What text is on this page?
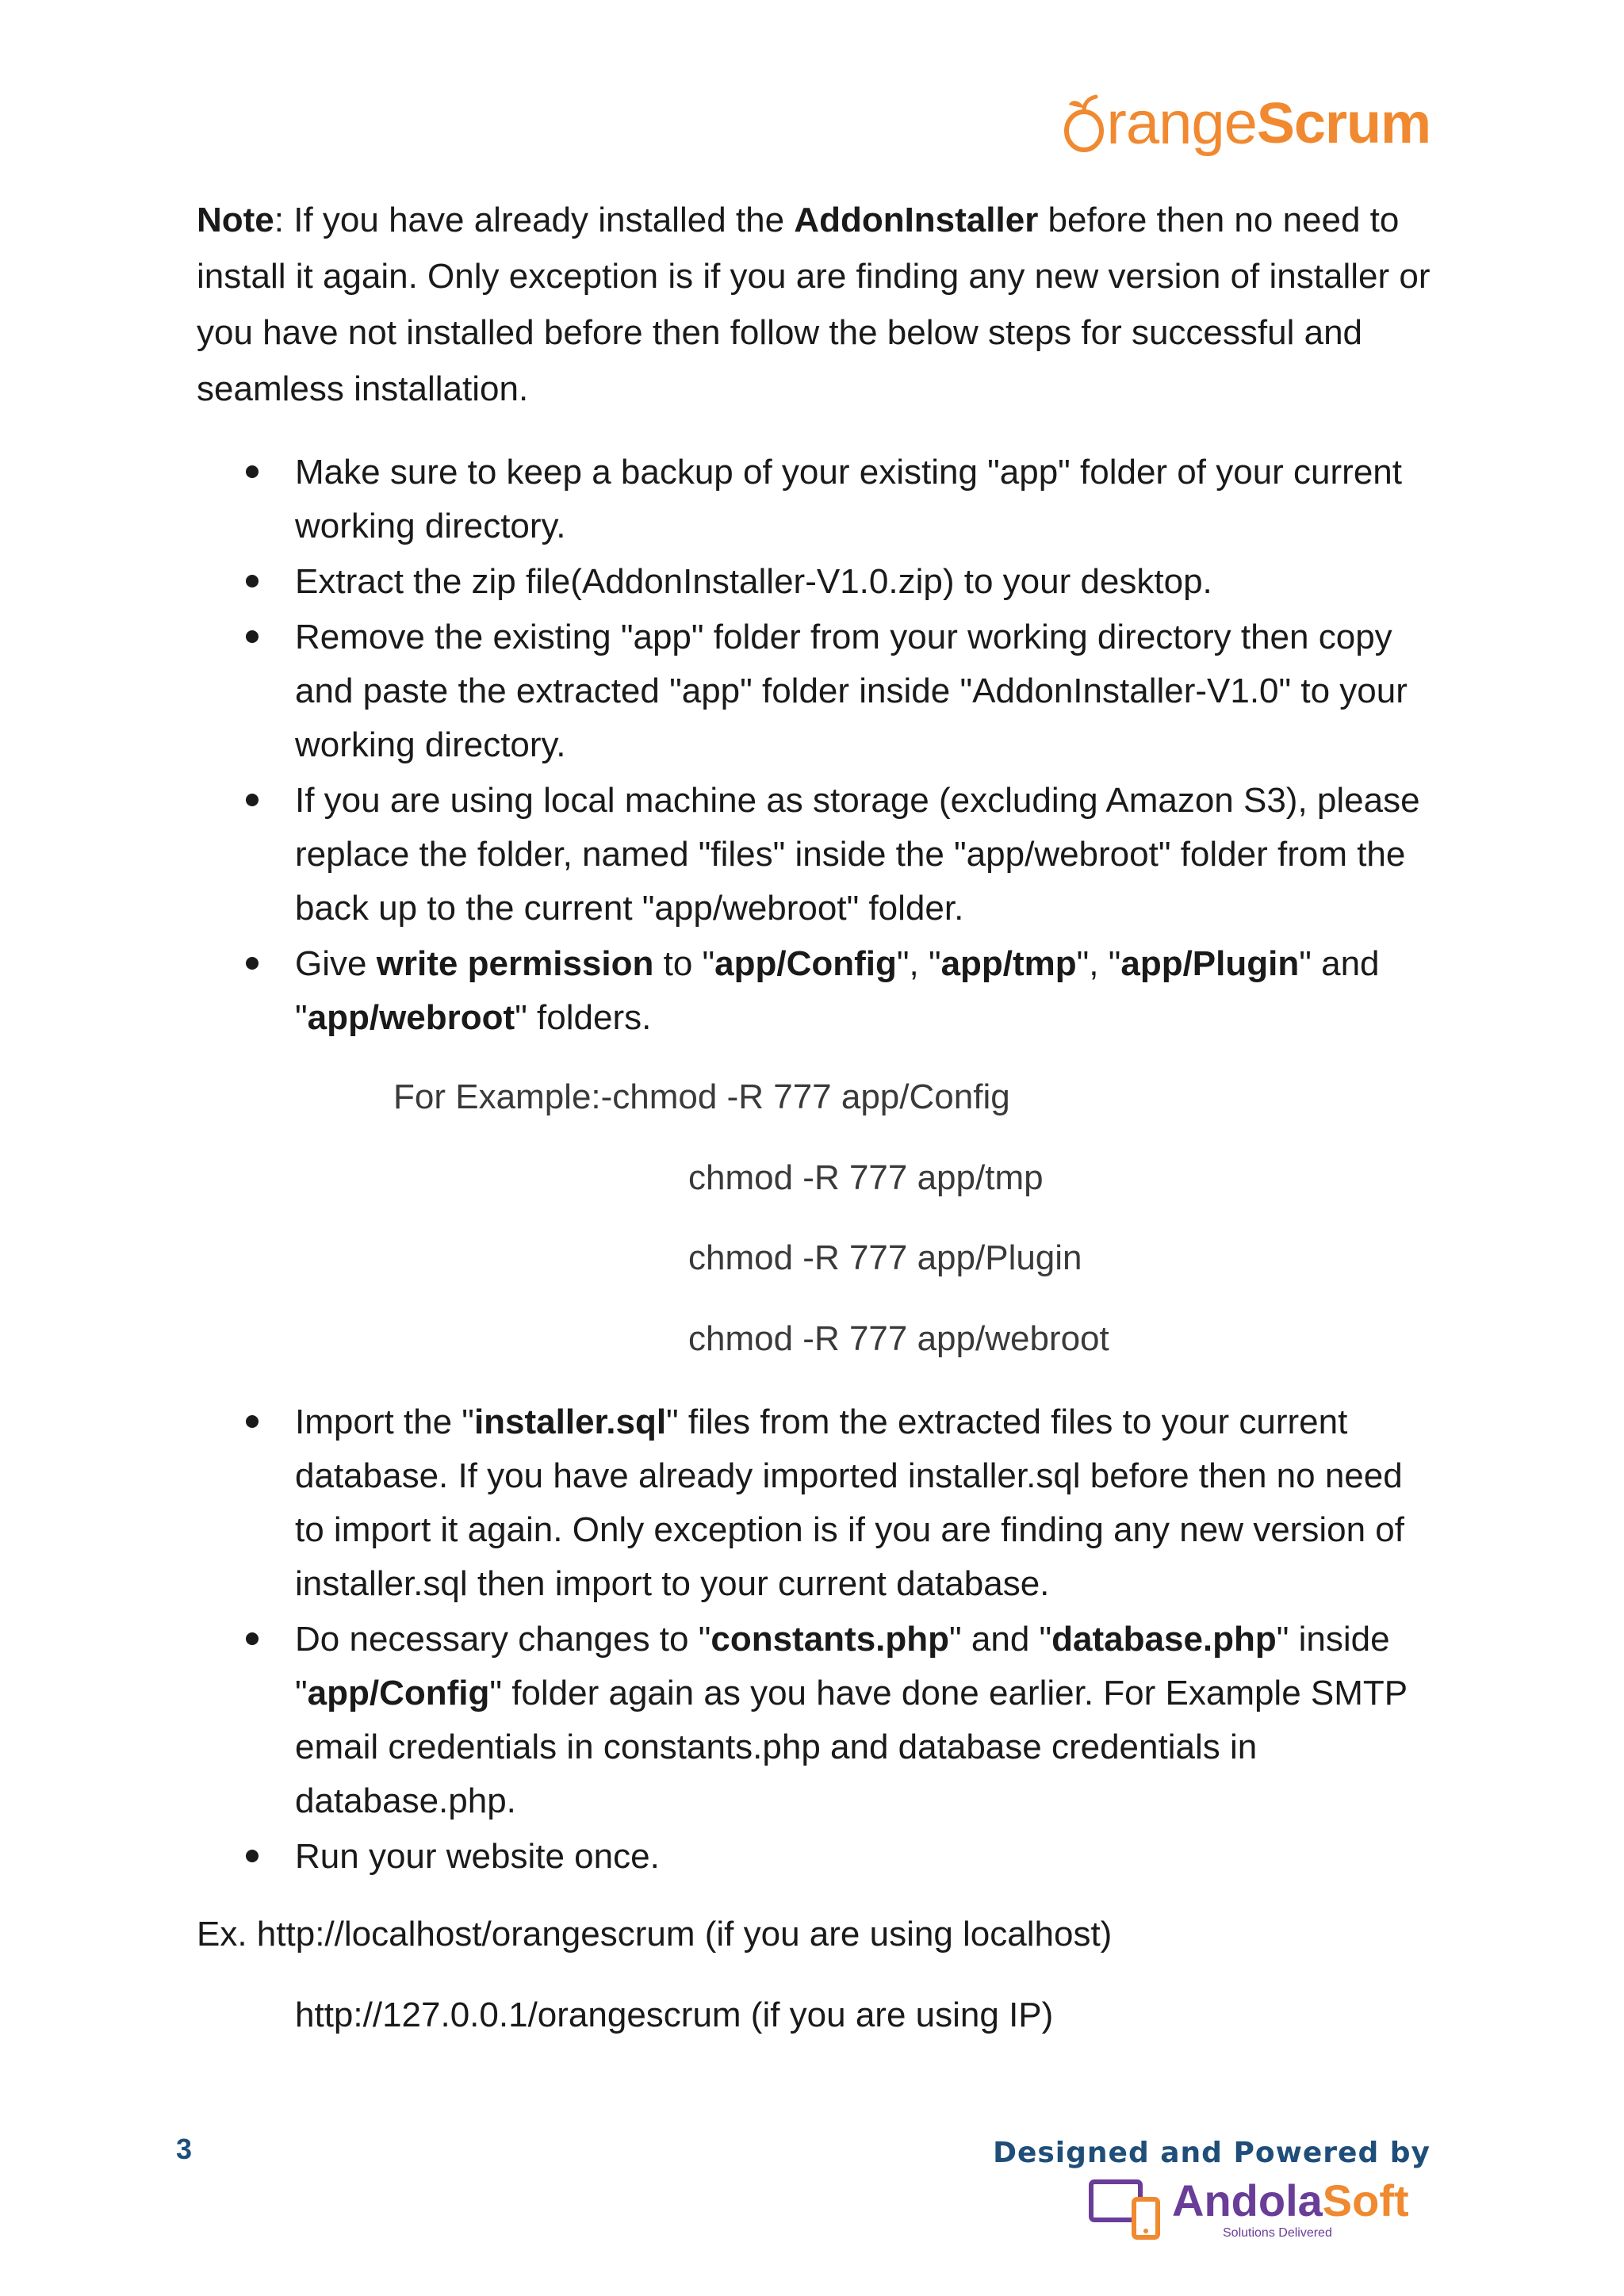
range Scrum

Note: If you have already installed the AddonInstaller before then no need to install it again. Only exception is if you are finding any new version of installer or you have not installed before then follow the below steps for successful and seamless installation.

Make sure to keep a backup of your existing "app" folder of your current working directory.
Extract the zip file(AddonInstaller-V1.0.zip) to your desktop.
Remove the existing "app" folder from your working directory then copy and paste the extracted "app" folder inside "AddonInstaller-V1.0" to your working directory.
If you are using local machine as storage (excluding Amazon S3), please replace the folder, named "files" inside the "app/webroot" folder from the back up to the current "app/webroot" folder.
Give write permission to "app/Config", "app/tmp", "app/Plugin" and "app/webroot" folders.
For Example:-chmod -R 777 app/Config
chmod -R 777 app/tmp
chmod -R 777 app/Plugin
chmod -R 777 app/webroot
Import the "installer.sql" files from the extracted files to your current database. If you have already imported installer.sql before then no need to import it again. Only exception is if you are finding any new version of installer.sql then import to your current database.
Do necessary changes to "constants.php" and "database.php" inside "app/Config" folder again as you have done earlier. For Example SMTP email credentials in constants.php and database credentials in database.php.
Run your website once.
Ex. http://localhost/orangescrum (if you are using localhost)
http://127.0.0.1/orangescrum (if you are using IP)
3	Designed and Powered by
AndolaSoft
Solutions Delivered
